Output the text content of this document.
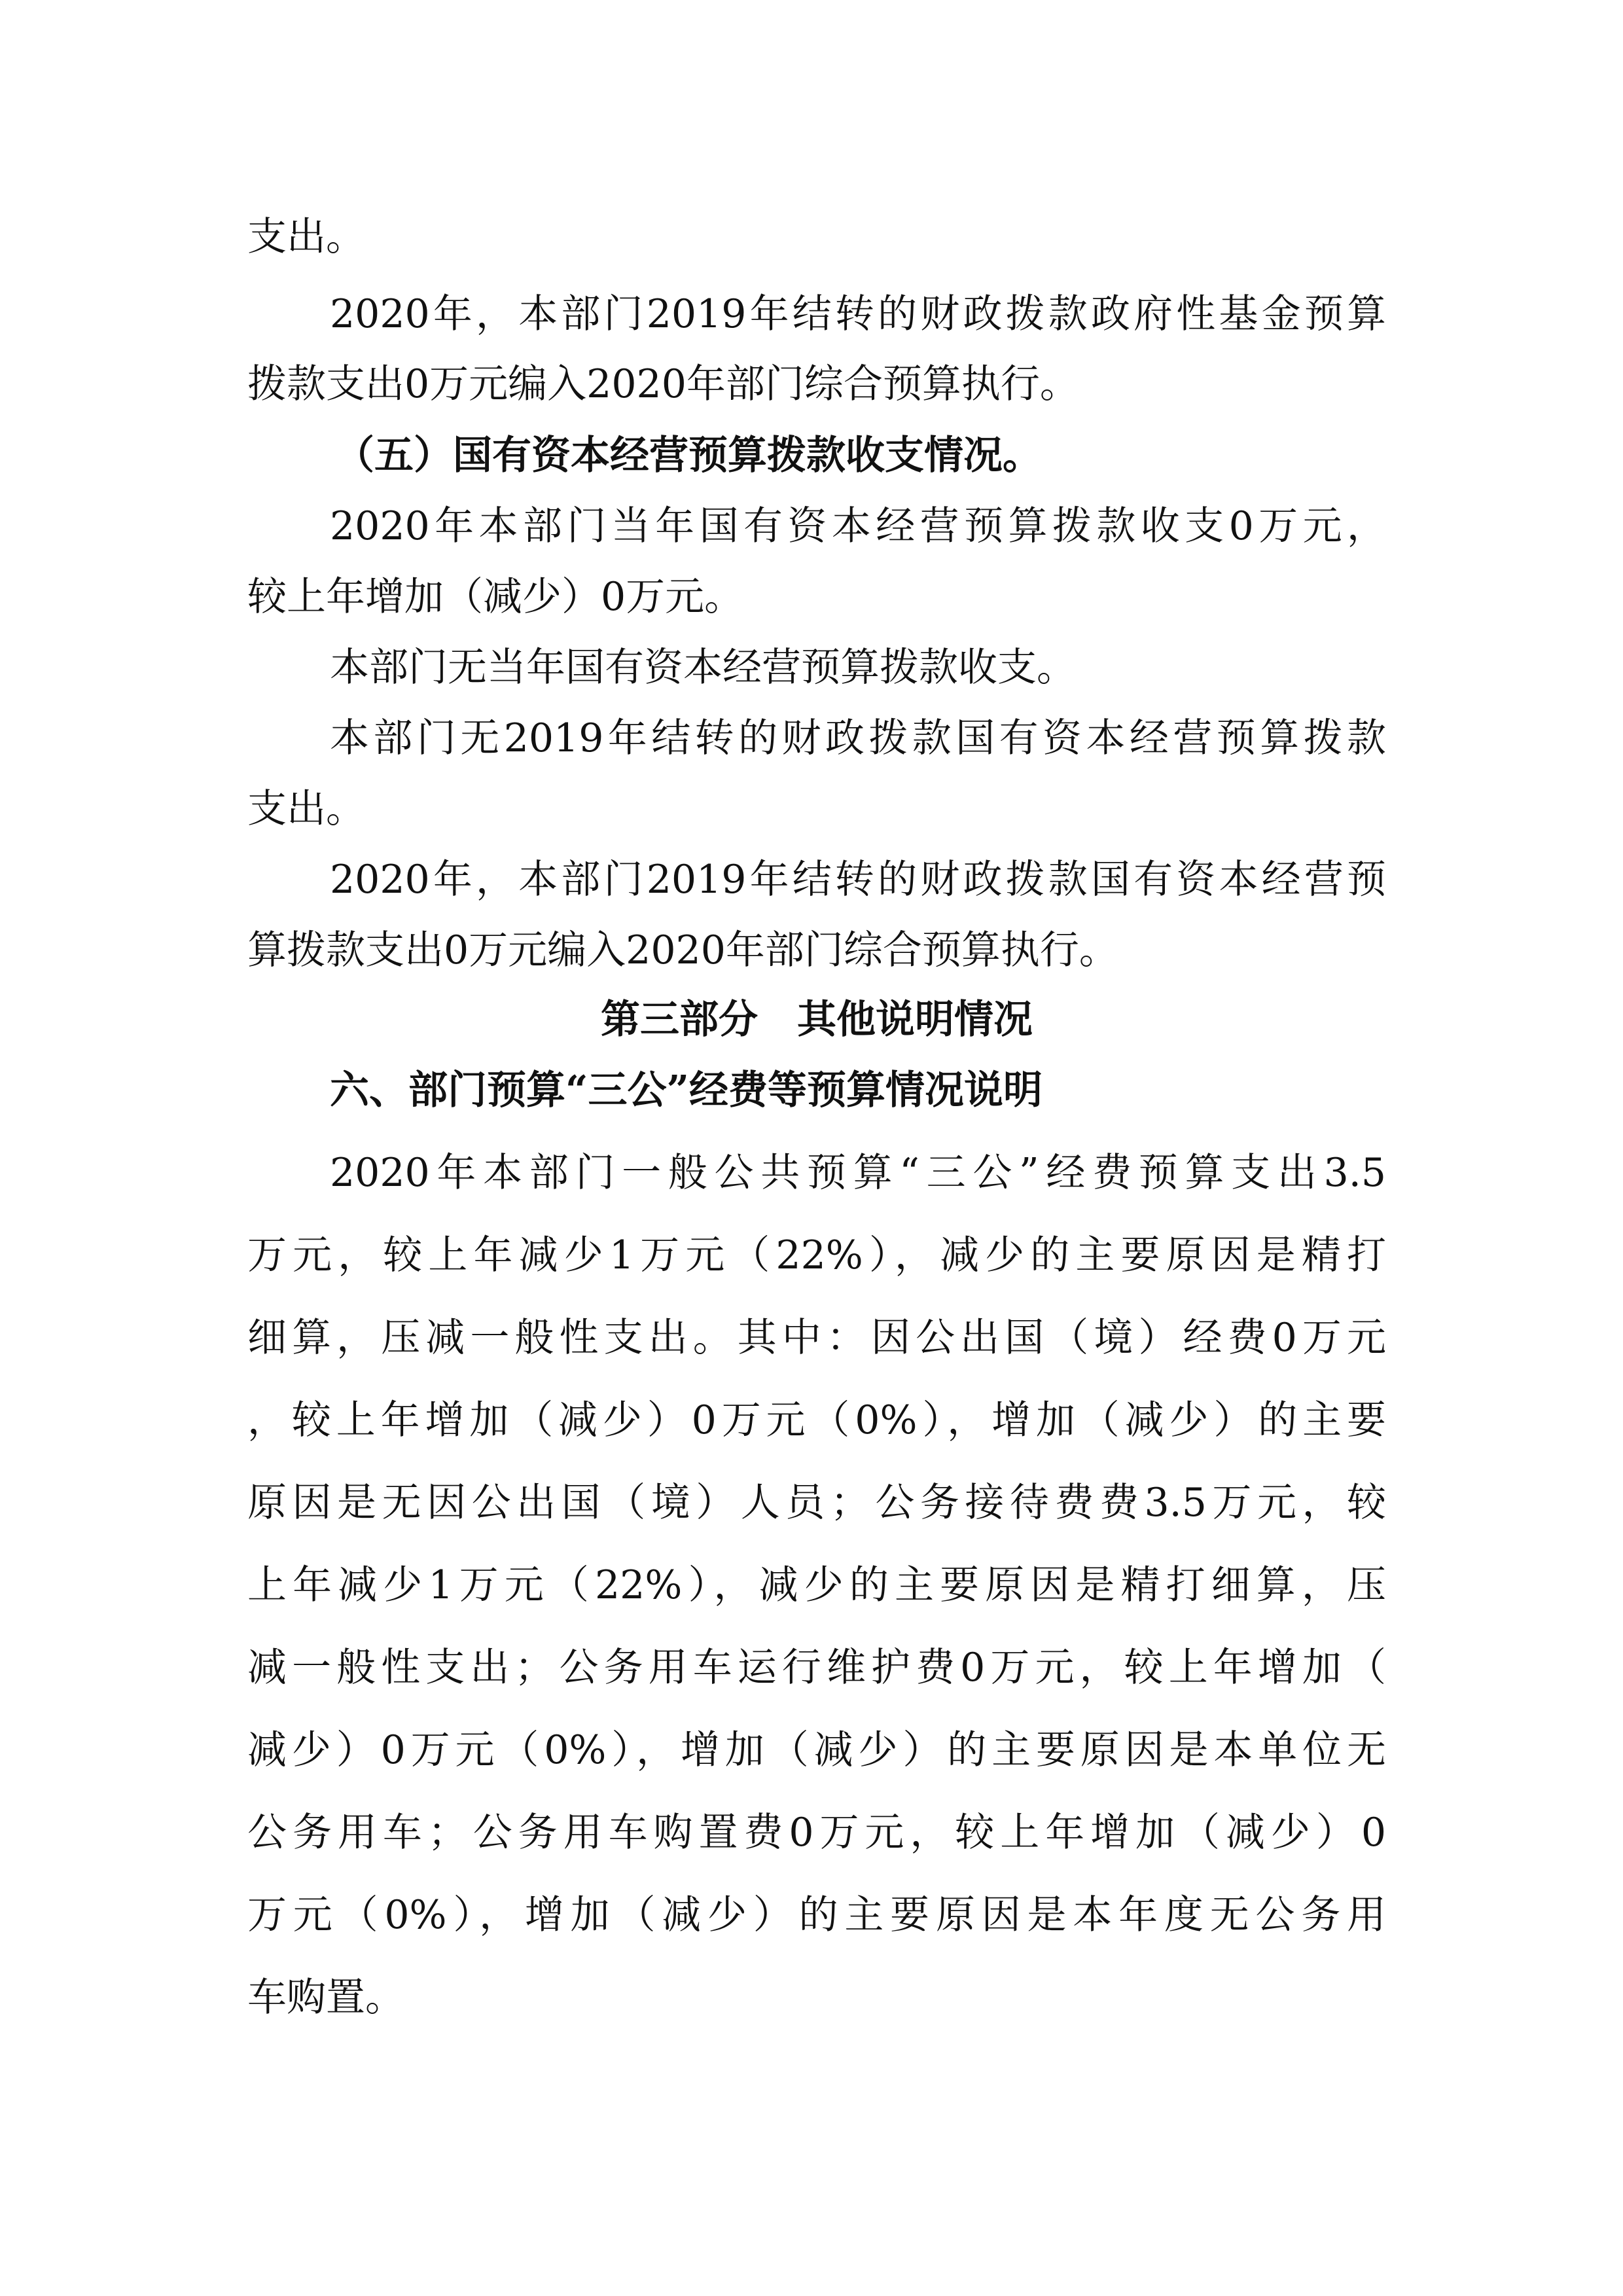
支出。

2020年，本部门2019年结转的财政拨款政府性基金预算

拨款支出0万元编入2020年部门综合预算执行。

（五）国有资本经营预算拨款收支情况。

2020年本部门当年国有资本经营预算拨款收支0万元，

较上年增加（减少）0万元。

本部门无当年国有资本经营预算拨款收支。

本部门无2019年结转的财政拨款国有资本经营预算拨款

支出。

2020年，本部门2019年结转的财政拨款国有资本经营预

算拨款支出0万元编入2020年部门综合预算执行。

第三部分　其他说明情况

六、部门预算“三公”经费等预算情况说明

2020年本部门一般公共预算“三公”经费预算支出3.5

万元，较上年减少1万元（22%），减少的主要原因是精打

细算，压减一般性支出。其中：因公出国（境）经费0万元

，较上年增加（减少）0万元（0%），增加（减少）的主要

原因是无因公出国（境）人员；公务接待费费3.5万元，较

上年减少1万元（22%），减少的主要原因是精打细算，压

减一般性支出；公务用车运行维护费0万元，较上年增加（

减少）0万元（0%），增加（减少）的主要原因是本单位无

公务用车；公务用车购置费0万元，较上年增加（减少）0

万元（0%），增加（减少）的主要原因是本年度无公务用

车购置。
